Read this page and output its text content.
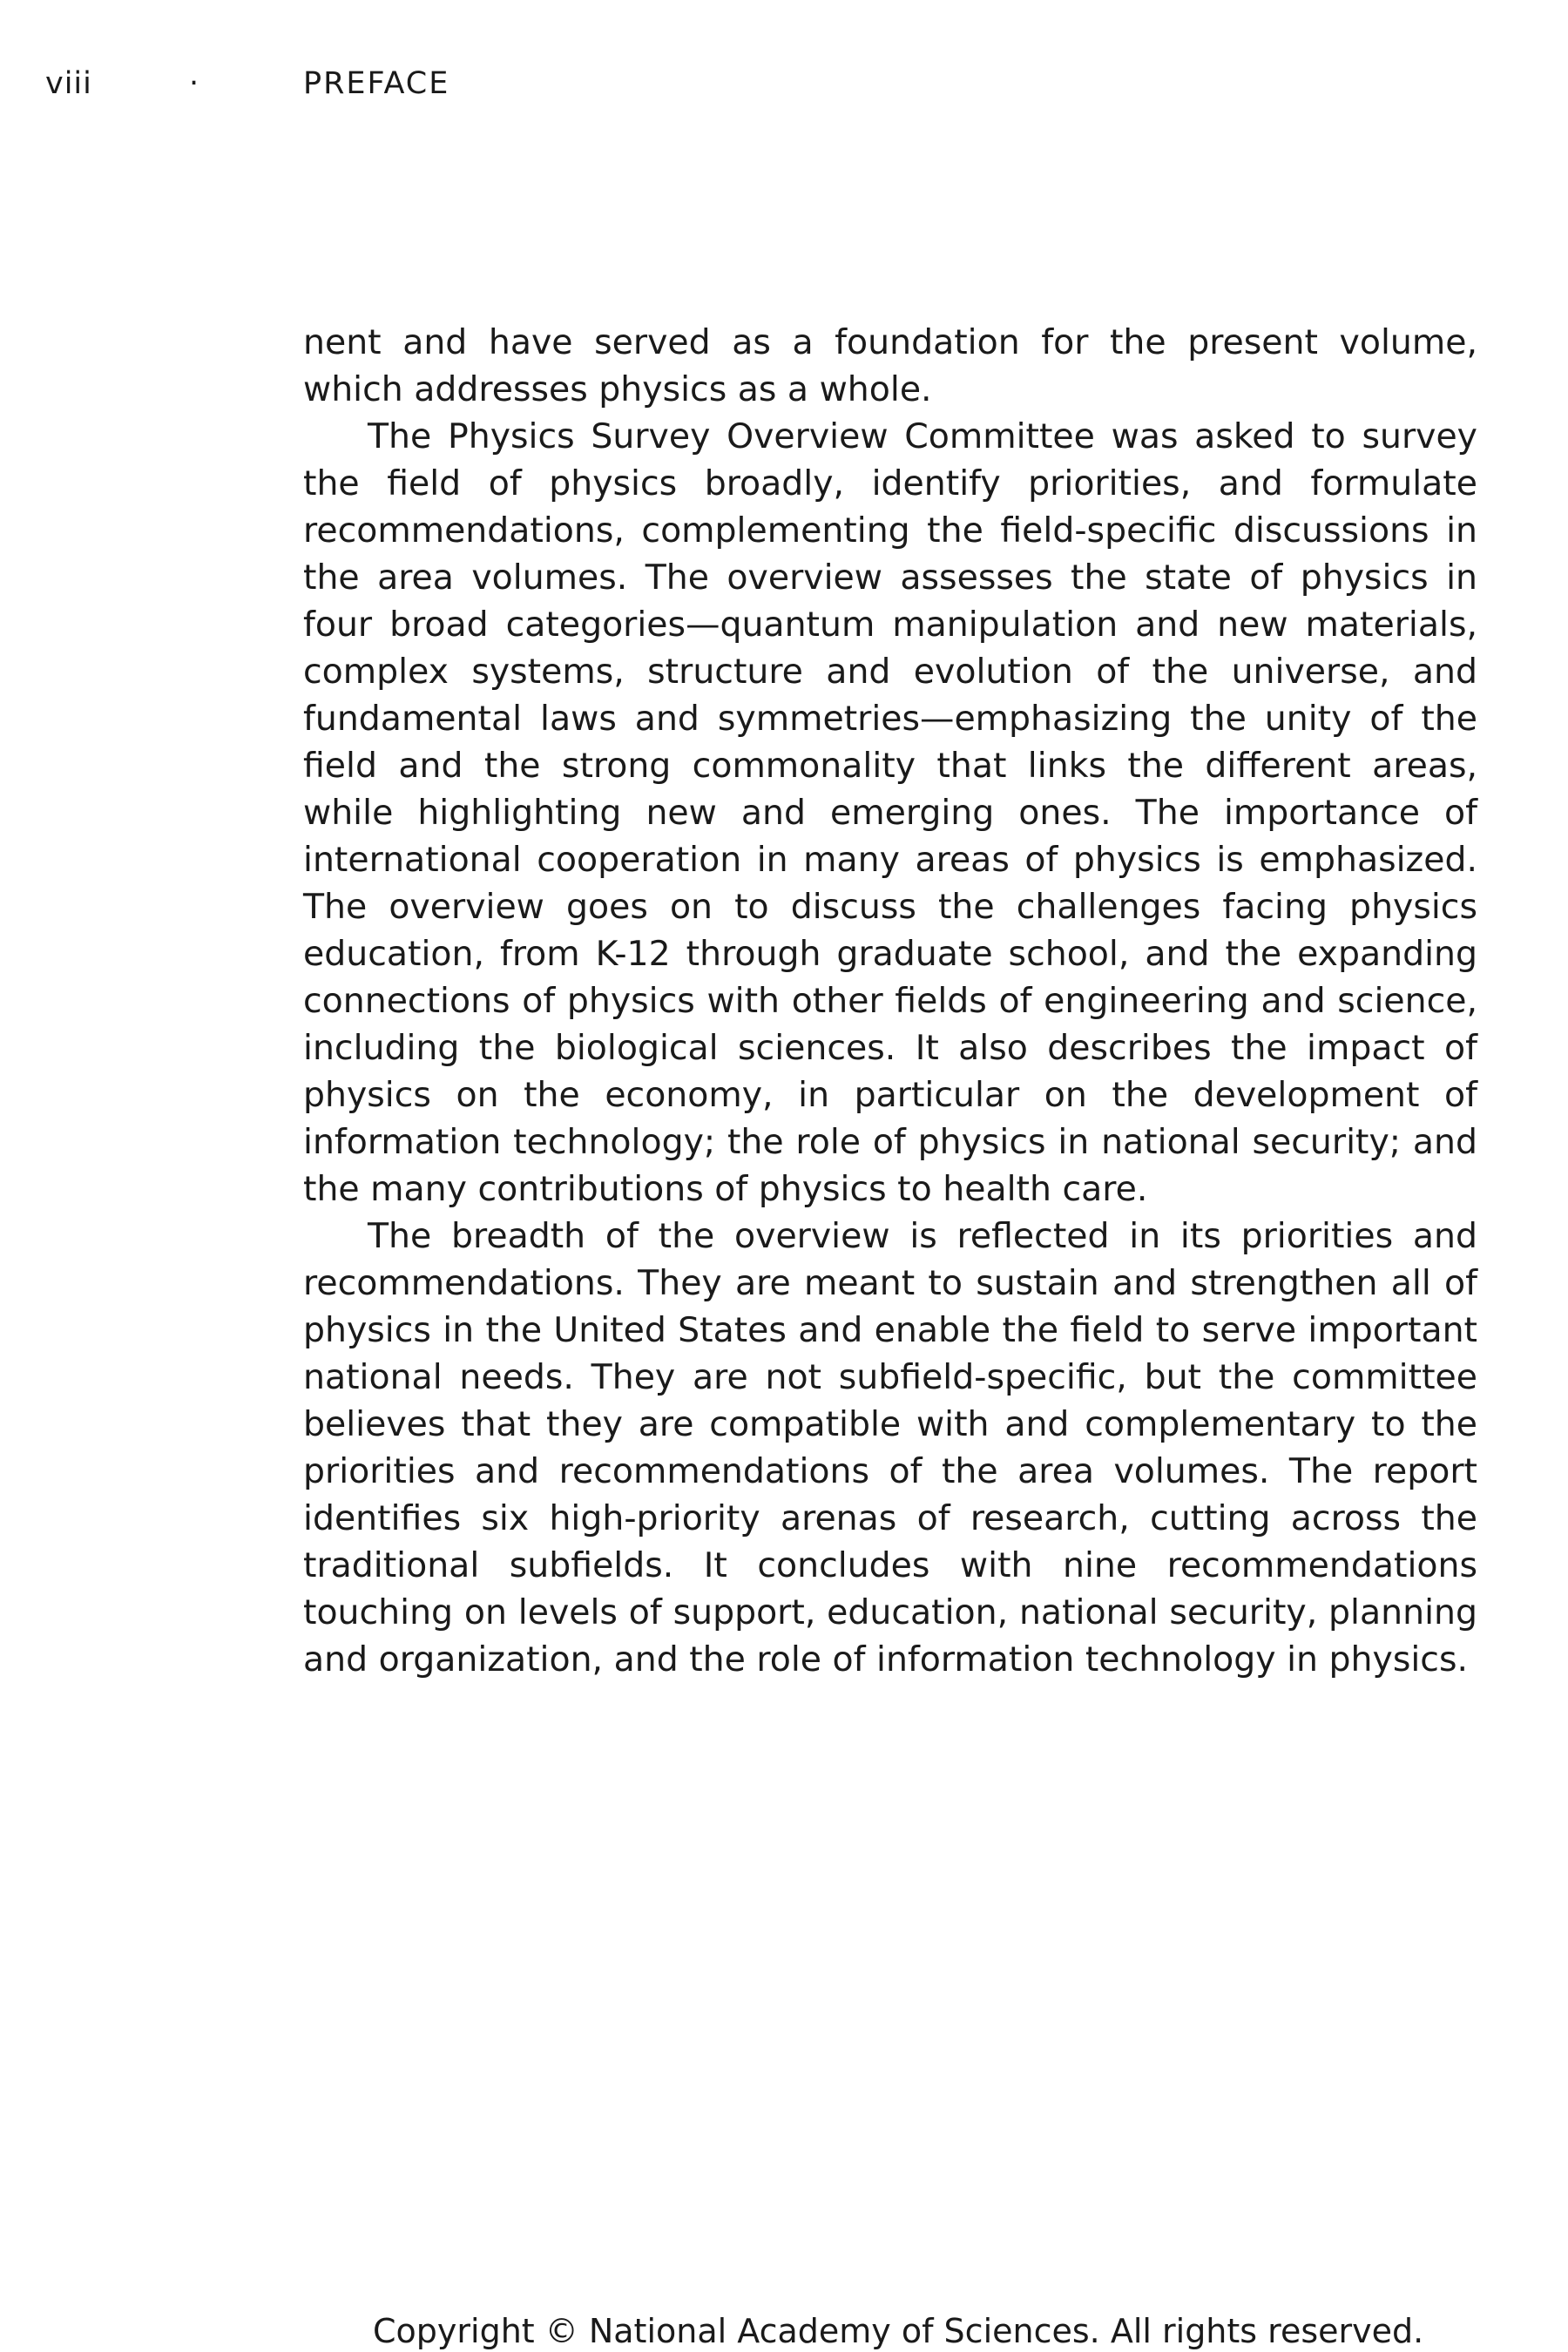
viii	·	PREFACE

nent and have served as a foundation for the present volume, which addresses physics as a whole.

The Physics Survey Overview Committee was asked to survey the field of physics broadly, identify priorities, and formulate recommendations, complementing the field-specific discussions in the area volumes. The overview assesses the state of physics in four broad categories—quantum manipulation and new materials, complex systems, structure and evolution of the universe, and fundamental laws and symmetries—emphasizing the unity of the field and the strong commonality that links the different areas, while highlighting new and emerging ones. The importance of international cooperation in many areas of physics is emphasized. The overview goes on to discuss the challenges facing physics education, from K-12 through graduate school, and the expanding connections of physics with other fields of engineering and science, including the biological sciences. It also describes the impact of physics on the economy, in particular on the development of information technology; the role of physics in national security; and the many contributions of physics to health care.

The breadth of the overview is reflected in its priorities and recommendations. They are meant to sustain and strengthen all of physics in the United States and enable the field to serve important national needs. They are not subfield-specific, but the committee believes that they are compatible with and complementary to the priorities and recommendations of the area volumes. The report identifies six high-priority arenas of research, cutting across the traditional subfields. It concludes with nine recommendations touching on levels of support, education, national security, planning and organization, and the role of information technology in physics.

Copyright © National Academy of Sciences. All rights reserved.
